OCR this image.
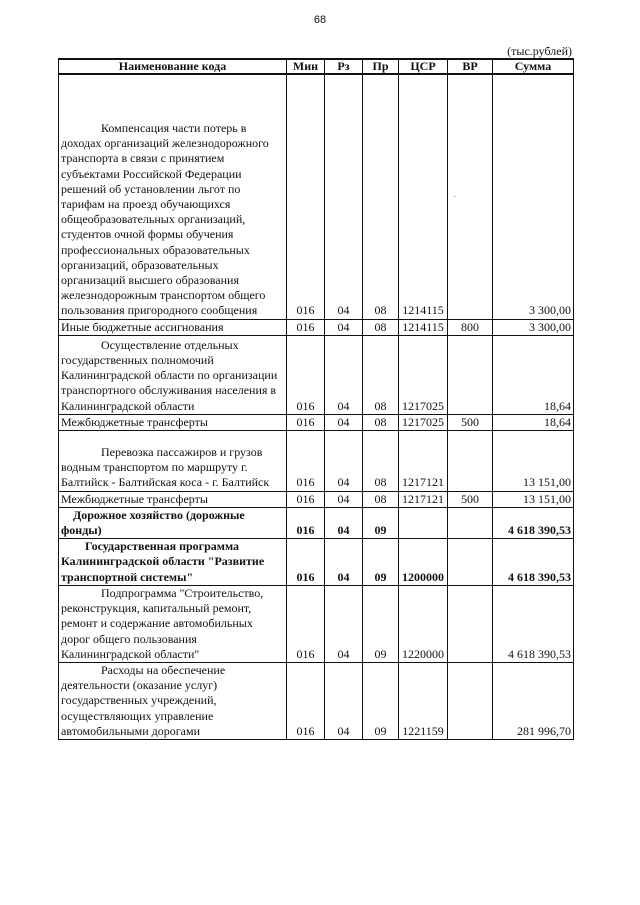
68
(тыс.рублей)
·
Наименование кода	Мин	Рз	Пр	ЦСР	ВР	Сумма
Компенсация части потерь в доходах организаций железнодорожного транспорта в связи с принятием субъектами Российской Федерации решений об установлении льгот по тарифам на проезд обучающихся общеобразовательных организаций, студентов очной формы обучения профессиональных образовательных организаций, образовательных организаций высшего образования железнодорожным транспортом общего пользования пригородного сообщения	016	04	08	1214115		3 300,00
Иные бюджетные ассигнования	016	04	08	1214115	800	3 300,00
Осуществление отдельных государственных полномочий Калининградской области по организации транспортного обслуживания населения в Калининградской области	016	04	08	1217025		18,64
Межбюджетные трансферты	016	04	08	1217025	500	18,64
Перевозка пассажиров и грузов водным транспортом по маршруту г. Балтийск - Балтийская коса - г. Балтийск	016	04	08	1217121		13 151,00
Межбюджетные трансферты	016	04	08	1217121	500	13 151,00
Дорожное хозяйство (дорожные фонды)	016	04	09			4 618 390,53
Государственная программа Калининградской области "Развитие транспортной системы"	016	04	09	1200000		4 618 390,53
Подпрограмма "Строительство, реконструкция, капитальный ремонт, ремонт и содержание автомобильных дорог общего пользования Калининградской области"	016	04	09	1220000		4 618 390,53
Расходы на обеспечение деятельности (оказание услуг) государственных учреждений, осуществляющих управление автомобильными дорогами	016	04	09	1221159		281 996,70
